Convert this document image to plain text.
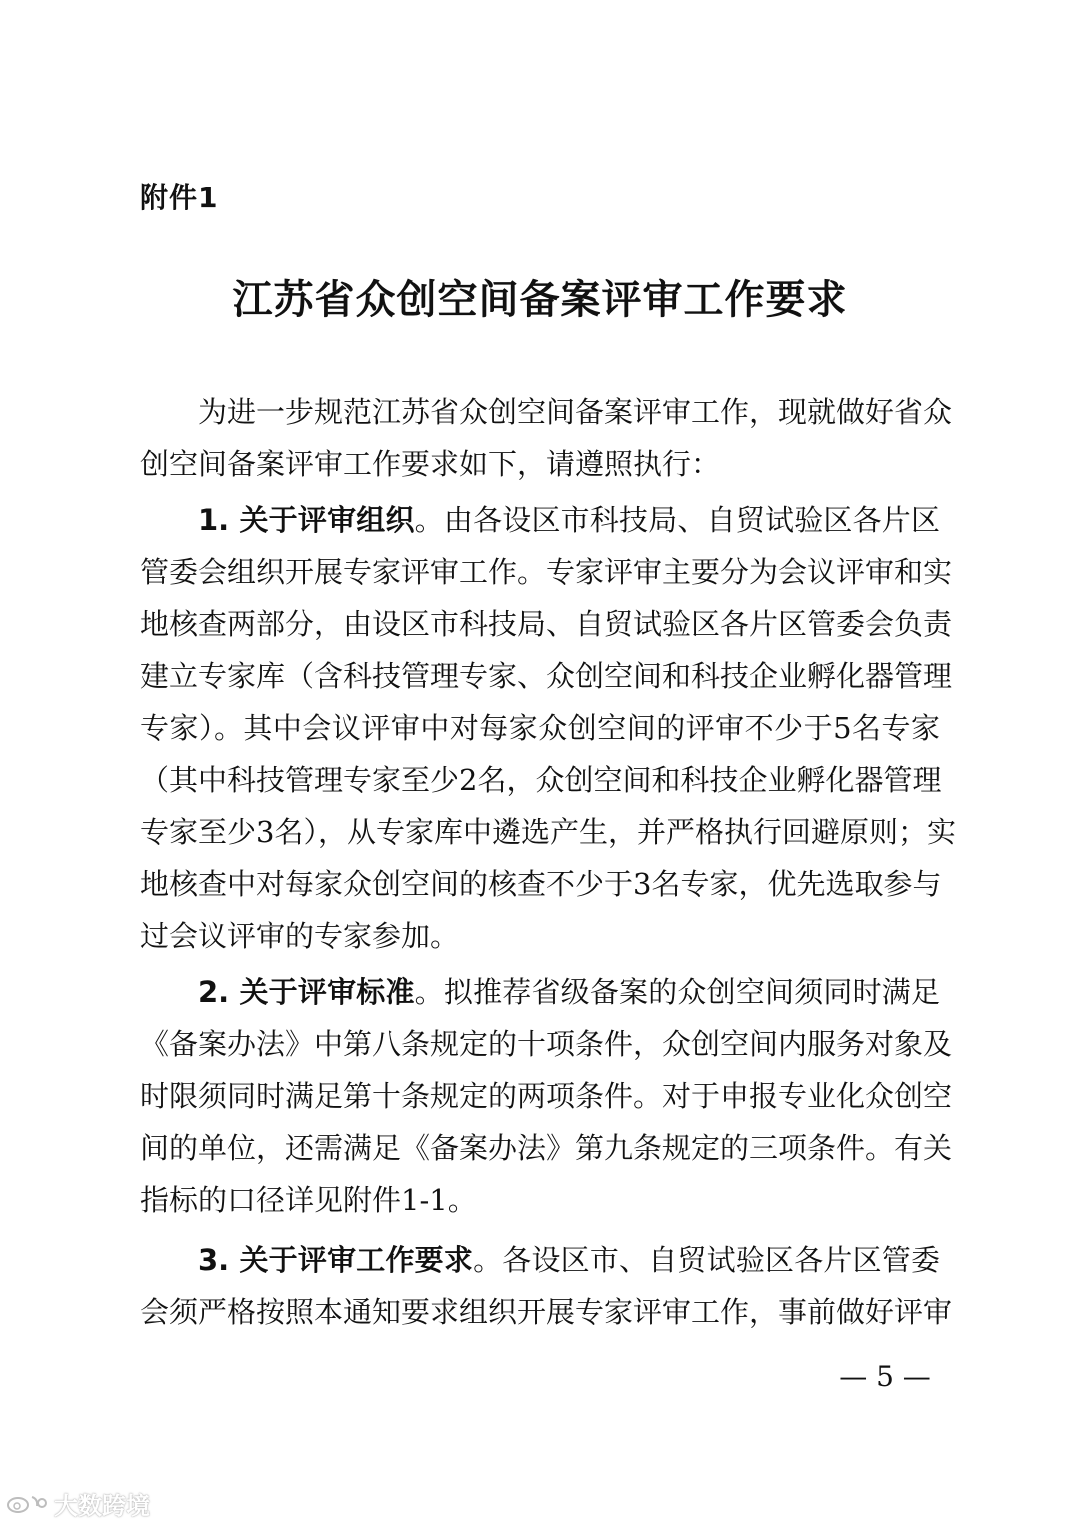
附件1
江苏省众创空间备案评审工作要求
为进一步规范江苏省众创空间备案评审工作，现就做好省众
创空间备案评审工作要求如下，请遵照执行：
1. 关于评审组织。由各设区市科技局、自贸试验区各片区
管委会组织开展专家评审工作。专家评审主要分为会议评审和实
地核查两部分，由设区市科技局、自贸试验区各片区管委会负责
建立专家库（含科技管理专家、众创空间和科技企业孵化器管理
专家）。其中会议评审中对每家众创空间的评审不少于5名专家
（其中科技管理专家至少2名，众创空间和科技企业孵化器管理
专家至少3名），从专家库中遴选产生，并严格执行回避原则；实
地核查中对每家众创空间的核查不少于3名专家，优先选取参与
过会议评审的专家参加。
2. 关于评审标准。拟推荐省级备案的众创空间须同时满足
《备案办法》中第八条规定的十项条件，众创空间内服务对象及
时限须同时满足第十条规定的两项条件。对于申报专业化众创空
间的单位，还需满足《备案办法》第九条规定的三项条件。有关
指标的口径详见附件1-1。
3. 关于评审工作要求。各设区市、自贸试验区各片区管委
会须严格按照本通知要求组织开展专家评审工作，事前做好评审
— 5 —
大数跨境
